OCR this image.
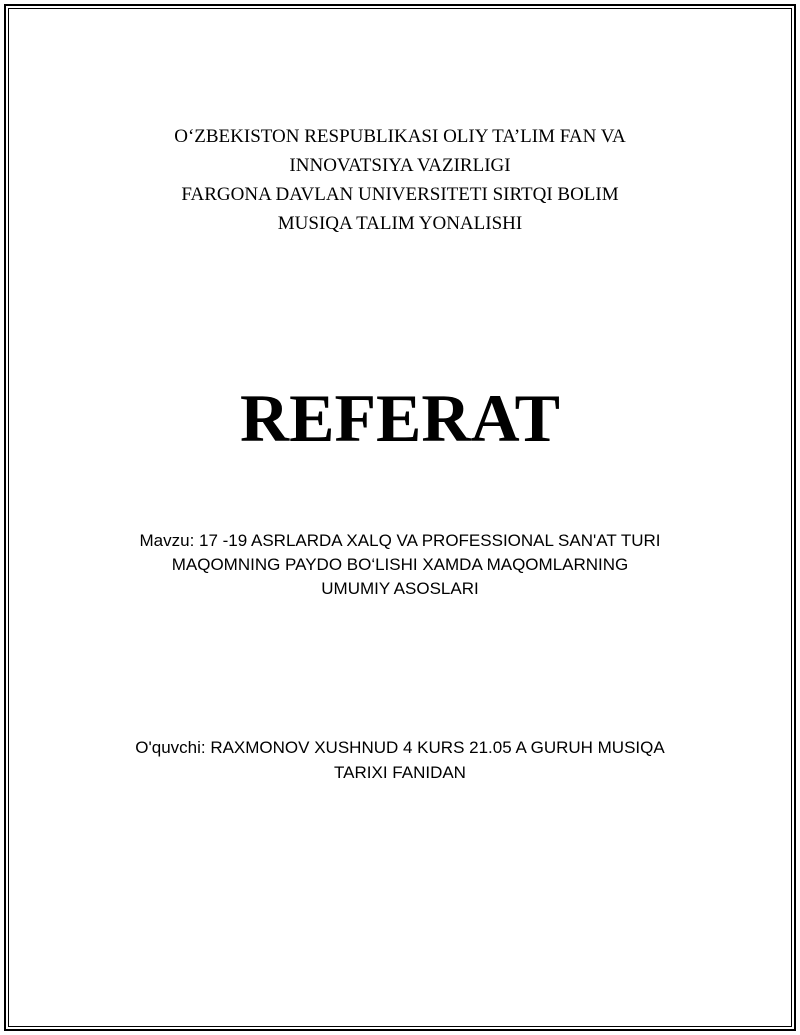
O‘ZBEKISTON RESPUBLIKASI OLIY TA’LIM FAN VA
INNOVATSIYA VAZIRLIGI
FARGONA DAVLAN UNIVERSITETI SIRTQI BOLIM
MUSIQA TALIM YONALISHI
REFERAT
Mavzu: 17 -19 ASRLARDA XALQ VA PROFESSIONAL SAN'AT TURI
MAQOMNING PAYDO BO‘LISHI XAMDA MAQOMLARNING
UMUMIY ASOSLARI
O'quvchi: RAXMONOV XUSHNUD 4 KURS 21.05 A GURUH MUSIQA
TARIXI FANIDAN
